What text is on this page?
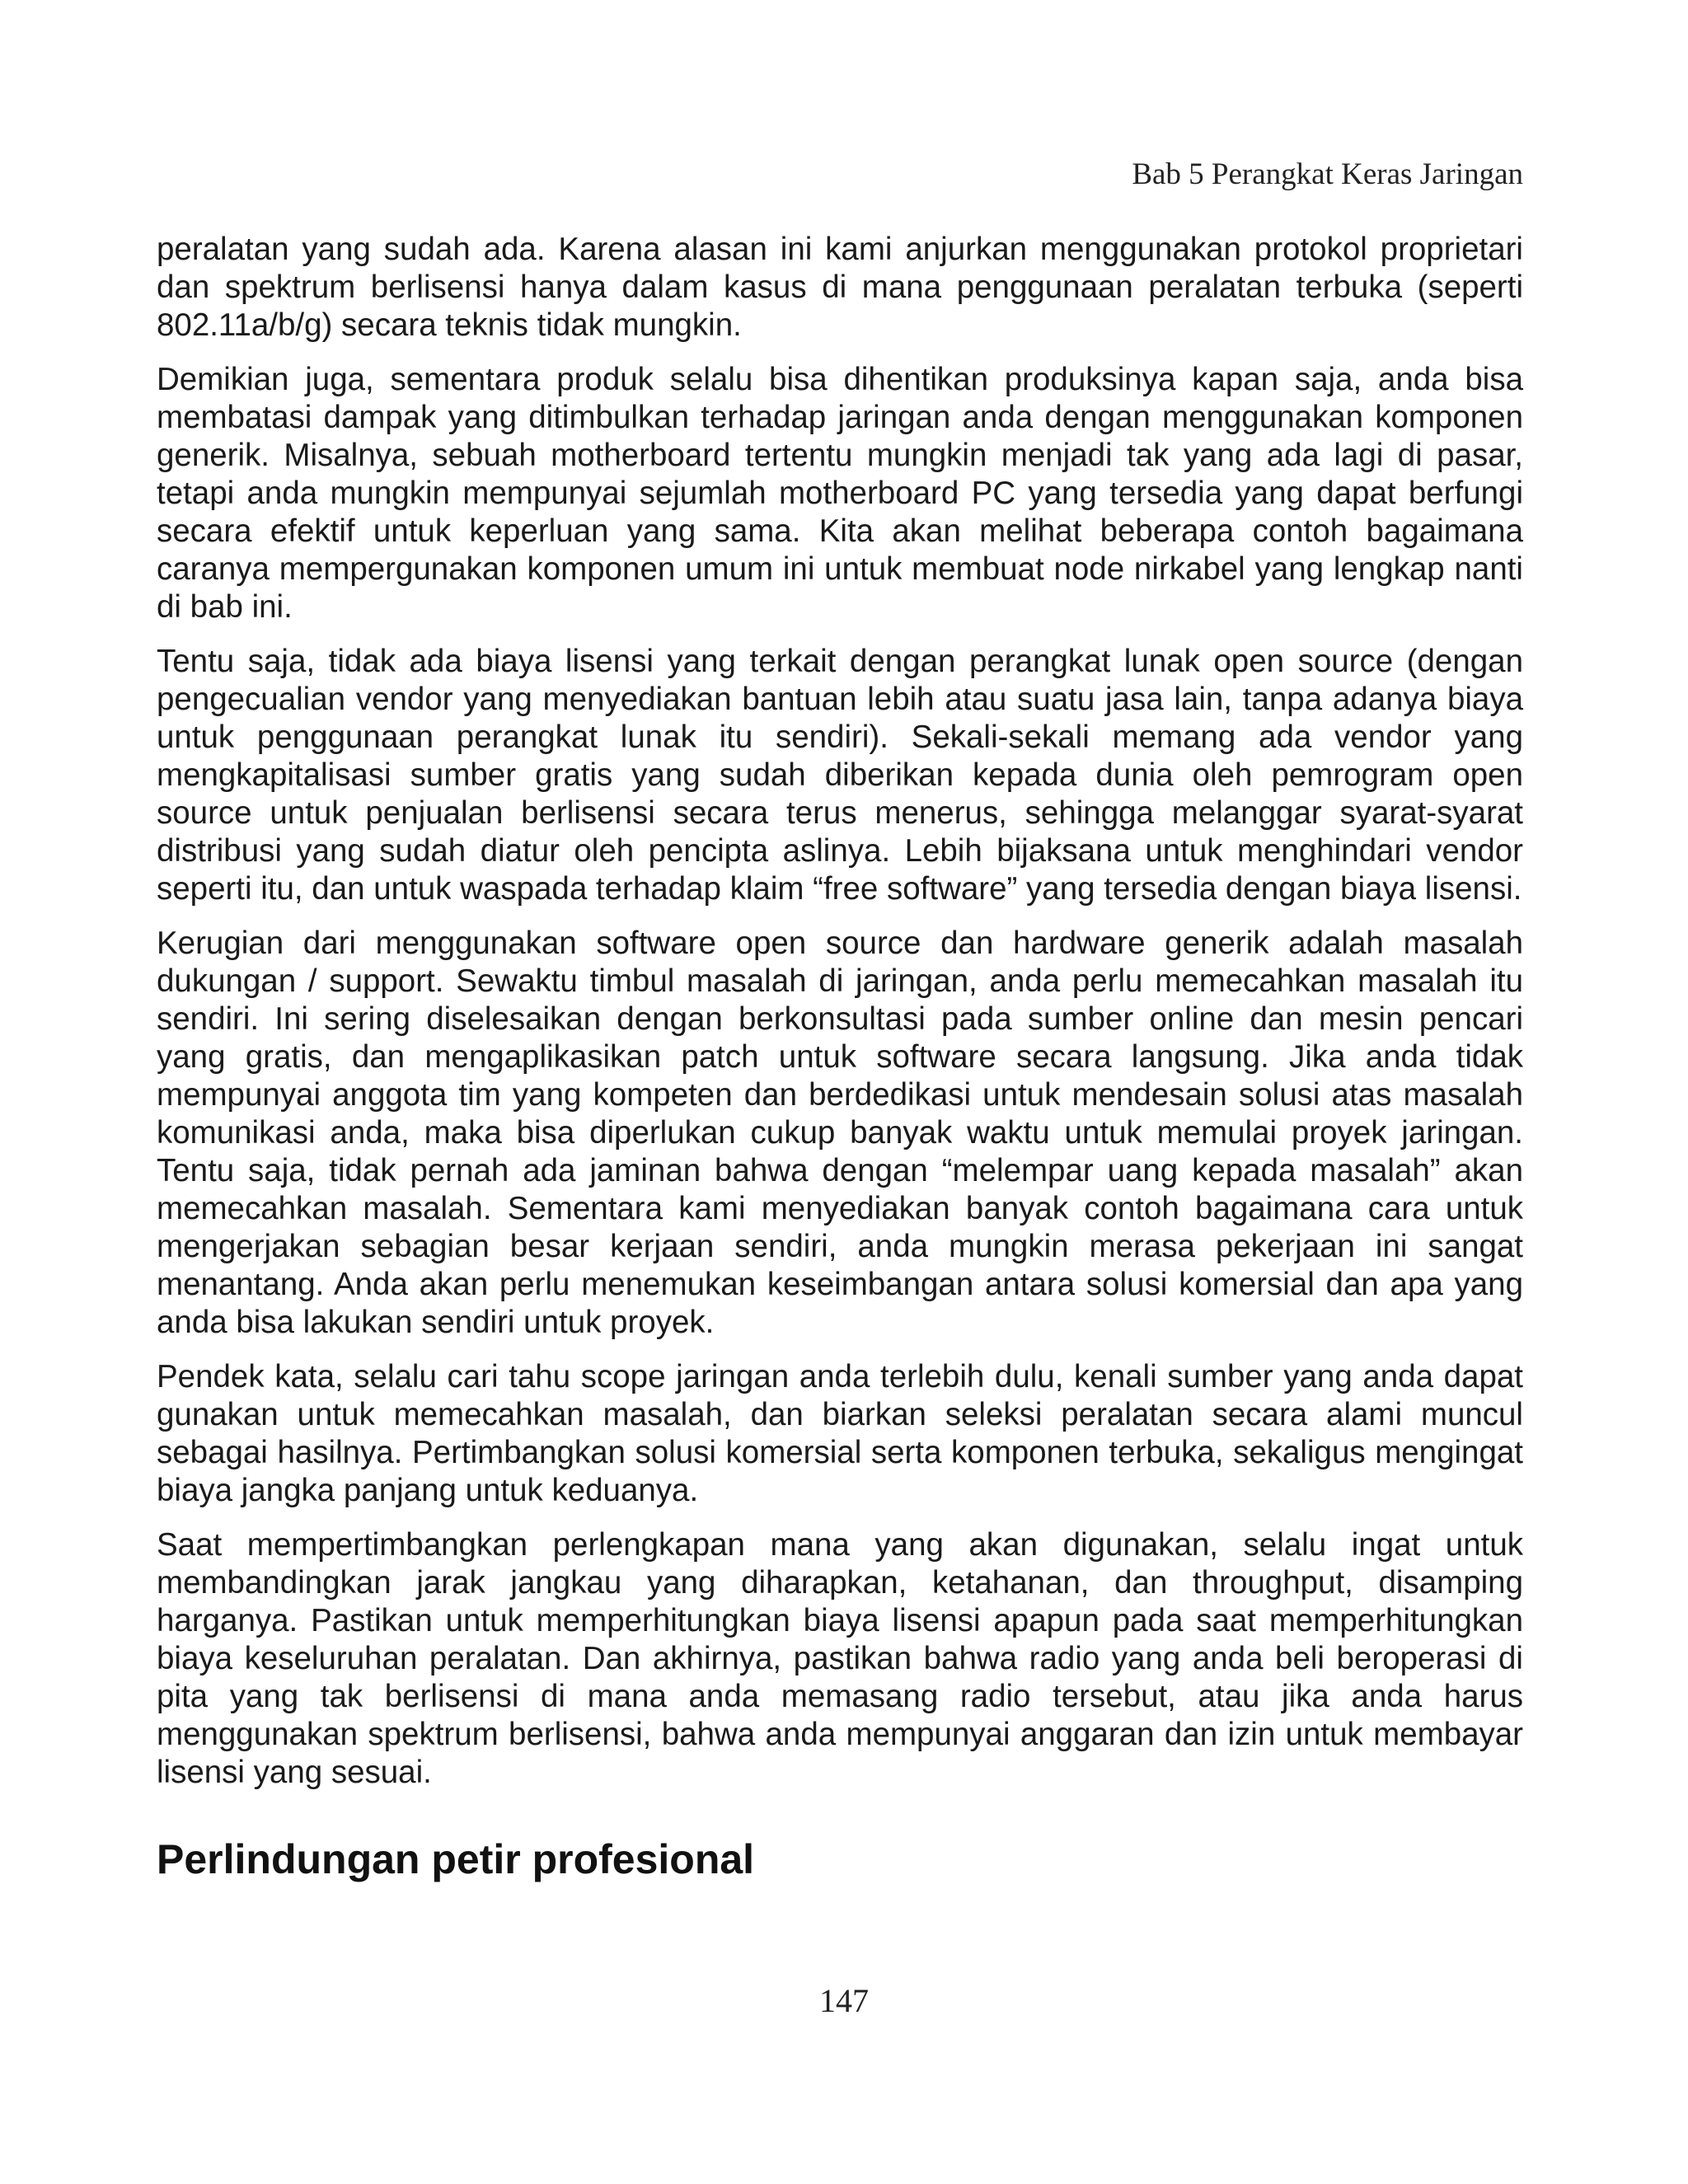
Bab 5 Perangkat Keras Jaringan

peralatan yang sudah ada. Karena alasan ini kami anjurkan menggunakan protokol proprietari dan spektrum berlisensi hanya dalam kasus di mana penggunaan peralatan terbuka (seperti 802.11a/b/g) secara teknis tidak mungkin.

Demikian juga, sementara produk selalu bisa dihentikan produksinya kapan saja, anda bisa membatasi dampak yang ditimbulkan terhadap jaringan anda dengan menggunakan komponen generik. Misalnya, sebuah motherboard tertentu mungkin menjadi tak yang ada lagi di pasar, tetapi anda mungkin mempunyai sejumlah motherboard PC yang tersedia yang dapat berfungi secara efektif untuk keperluan yang sama. Kita akan melihat beberapa contoh bagaimana caranya mempergunakan komponen umum ini untuk membuat node nirkabel yang lengkap nanti di bab ini.

Tentu saja, tidak ada biaya lisensi yang terkait dengan perangkat lunak open source (dengan pengecualian vendor yang menyediakan bantuan lebih atau suatu jasa lain, tanpa adanya biaya untuk penggunaan perangkat lunak itu sendiri). Sekali-sekali memang ada vendor yang mengkapitalisasi sumber gratis yang sudah diberikan kepada dunia oleh pemrogram open source untuk penjualan berlisensi secara terus menerus, sehingga melanggar syarat-syarat distribusi yang sudah diatur oleh pencipta aslinya. Lebih bijaksana untuk menghindari vendor seperti itu, dan untuk waspada terhadap klaim “free software” yang tersedia dengan biaya lisensi.

Kerugian dari menggunakan software open source dan hardware generik adalah masalah dukungan / support. Sewaktu timbul masalah di jaringan, anda perlu memecahkan masalah itu sendiri. Ini sering diselesaikan dengan berkonsultasi pada sumber online dan mesin pencari yang gratis, dan mengaplikasikan patch untuk software secara langsung. Jika anda tidak mempunyai anggota tim yang kompeten dan berdedikasi untuk mendesain solusi atas masalah komunikasi anda, maka bisa diperlukan cukup banyak waktu untuk memulai proyek jaringan. Tentu saja, tidak pernah ada jaminan bahwa dengan “melempar uang kepada masalah” akan memecahkan masalah. Sementara kami menyediakan banyak contoh bagaimana cara untuk mengerjakan sebagian besar kerjaan sendiri, anda mungkin merasa pekerjaan ini sangat menantang. Anda akan perlu menemukan keseimbangan antara solusi komersial dan apa yang anda bisa lakukan sendiri untuk proyek.

Pendek kata, selalu cari tahu scope jaringan anda terlebih dulu, kenali sumber yang anda dapat gunakan untuk memecahkan masalah, dan biarkan seleksi peralatan secara alami muncul sebagai hasilnya. Pertimbangkan solusi komersial serta komponen terbuka, sekaligus mengingat biaya jangka panjang untuk keduanya.

Saat mempertimbangkan perlengkapan mana yang akan digunakan, selalu ingat untuk membandingkan jarak jangkau yang diharapkan, ketahanan, dan throughput, disamping harganya. Pastikan untuk memperhitungkan biaya lisensi apapun pada saat memperhitungkan biaya keseluruhan peralatan. Dan akhirnya, pastikan bahwa radio yang anda beli beroperasi di pita yang tak berlisensi di mana anda memasang radio tersebut, atau jika anda harus menggunakan spektrum berlisensi, bahwa anda mempunyai anggaran dan izin untuk membayar lisensi yang sesuai.

Perlindungan petir profesional
147
